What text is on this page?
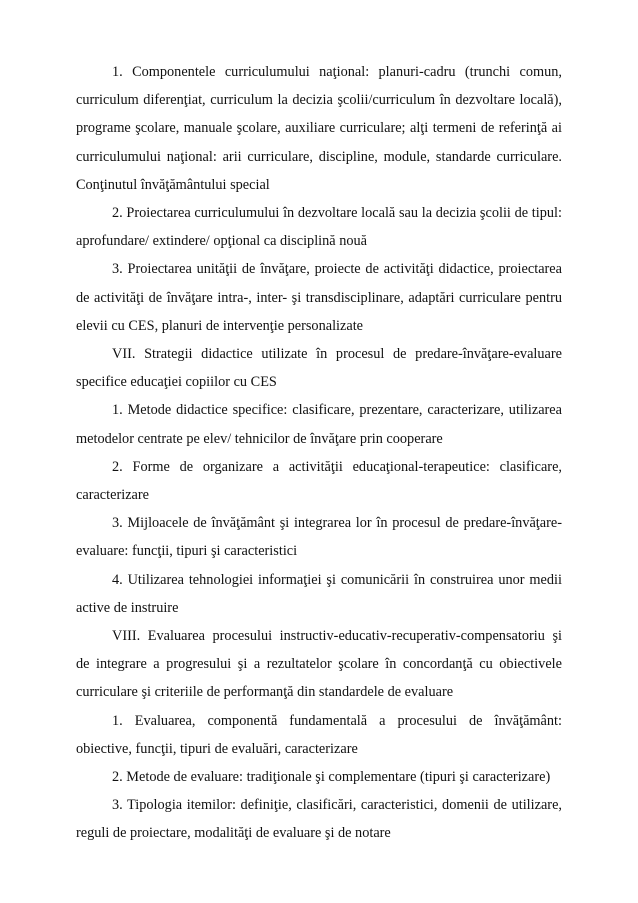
1. Componentele curriculumului naţional: planuri-cadru (trunchi comun, curriculum diferenţiat, curriculum la decizia şcolii/curriculum în dezvoltare locală), programe şcolare, manuale şcolare, auxiliare curriculare; alţi termeni de referinţă ai curriculumului naţional: arii curriculare, discipline, module, standarde curriculare. Conţinutul învăţământului special

2. Proiectarea curriculumului în dezvoltare locală sau la decizia şcolii de tipul: aprofundare/ extindere/ opţional ca disciplină nouă

3. Proiectarea unităţii de învăţare, proiecte de activităţi didactice, proiectarea de activităţi de învăţare intra-, inter- şi transdisciplinare, adaptări curriculare pentru elevii cu CES, planuri de intervenţie personalizate

VII. Strategii didactice utilizate în procesul de predare-învăţare-evaluare specifice educaţiei copiilor cu CES

1. Metode didactice specifice: clasificare, prezentare, caracterizare, utilizarea metodelor centrate pe elev/ tehnicilor de învăţare prin cooperare

2. Forme de organizare a activităţii educaţional-terapeutice: clasificare, caracterizare

3. Mijloacele de învăţământ şi integrarea lor în procesul de predare-învăţare-evaluare: funcţii, tipuri şi caracteristici

4. Utilizarea tehnologiei informaţiei şi comunicării în construirea unor medii active de instruire

VIII. Evaluarea procesului instructiv-educativ-recuperativ-compensatoriu şi de integrare a progresului şi a rezultatelor şcolare în concordanţă cu obiectivele curriculare şi criteriile de performanţă din standardele de evaluare

1. Evaluarea, componentă fundamentală a procesului de învăţământ: obiective, funcţii, tipuri de evaluări, caracterizare

2. Metode de evaluare: tradiţionale şi complementare (tipuri şi caracterizare)

3. Tipologia itemilor: definiţie, clasificări, caracteristici, domenii de utilizare, reguli de proiectare, modalităţi de evaluare şi de notare
